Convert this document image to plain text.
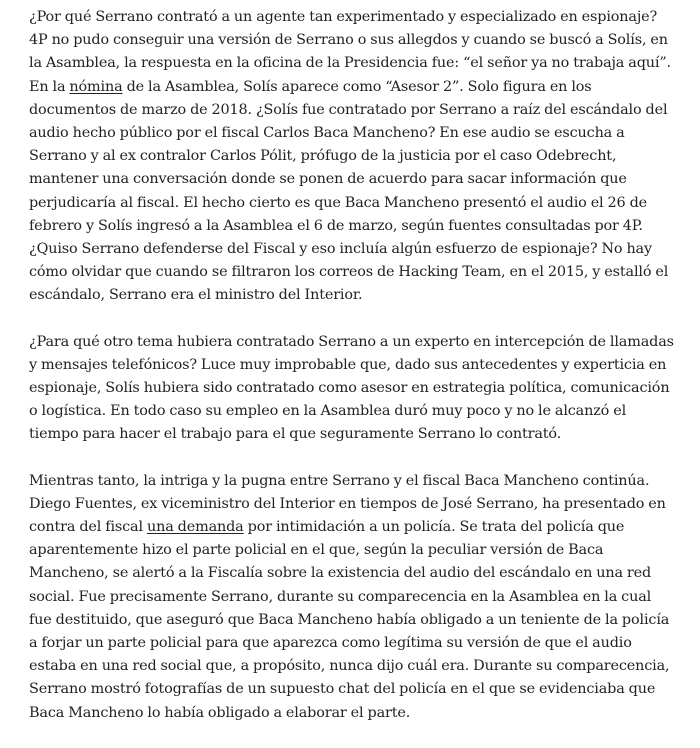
¿Por qué Serrano contrató a un agente tan experimentado y especializado en espionaje? 4P no pudo conseguir una versión de Serrano o sus allegdos y cuando se buscó a Solís, en la Asamblea, la respuesta en la oficina de la Presidencia fue: “el señor ya no trabaja aquí”. En la nómina de la Asamblea, Solís aparece como “Asesor 2”. Solo figura en los documentos de marzo de 2018. ¿Solís fue contratado por Serrano a raíz del escándalo del audio hecho público por el fiscal Carlos Baca Mancheno? En ese audio se escucha a Serrano y al ex contralor Carlos Pólit, prófugo de la justicia por el caso Odebrecht, mantener una conversación donde se ponen de acuerdo para sacar información que perjudicaría al fiscal. El hecho cierto es que Baca Mancheno presentó el audio el 26 de febrero y Solís ingresó a la Asamblea el 6 de marzo, según fuentes consultadas por 4P. ¿Quiso Serrano defenderse del Fiscal y eso incluía algún esfuerzo de espionaje? No hay cómo olvidar que cuando se filtraron los correos de Hacking Team, en el 2015, y estalló el escándalo, Serrano era el ministro del Interior.

¿Para qué otro tema hubiera contratado Serrano a un experto en intercepción de llamadas y mensajes telefónicos? Luce muy improbable que, dado sus antecedentes y experticia en espionaje, Solís hubiera sido contratado como asesor en estrategia política, comunicación o logística. En todo caso su empleo en la Asamblea duró muy poco y no le alcanzó el tiempo para hacer el trabajo para el que seguramente Serrano lo contrató.

Mientras tanto, la intriga y la pugna entre Serrano y el fiscal Baca Mancheno continúa. Diego Fuentes, ex viceministro del Interior en tiempos de José Serrano, ha presentado en contra del fiscal una demanda por intimidación a un policía. Se trata del policía que aparentemente hizo el parte policial en el que, según la peculiar versión de Baca Mancheno, se alertó a la Fiscalía sobre la existencia del audio del escándalo en una red social. Fue precisamente Serrano, durante su comparecencia en la Asamblea en la cual fue destituido, que aseguró que Baca Mancheno había obligado a un teniente de la policía a forjar un parte policial para que aparezca como legítima su versión de que el audio estaba en una red social que, a propósito, nunca dijo cuál era. Durante su comparecencia, Serrano mostró fotografías de un supuesto chat del policía en el que se evidenciaba que Baca Mancheno lo había obligado a elaborar el parte.
